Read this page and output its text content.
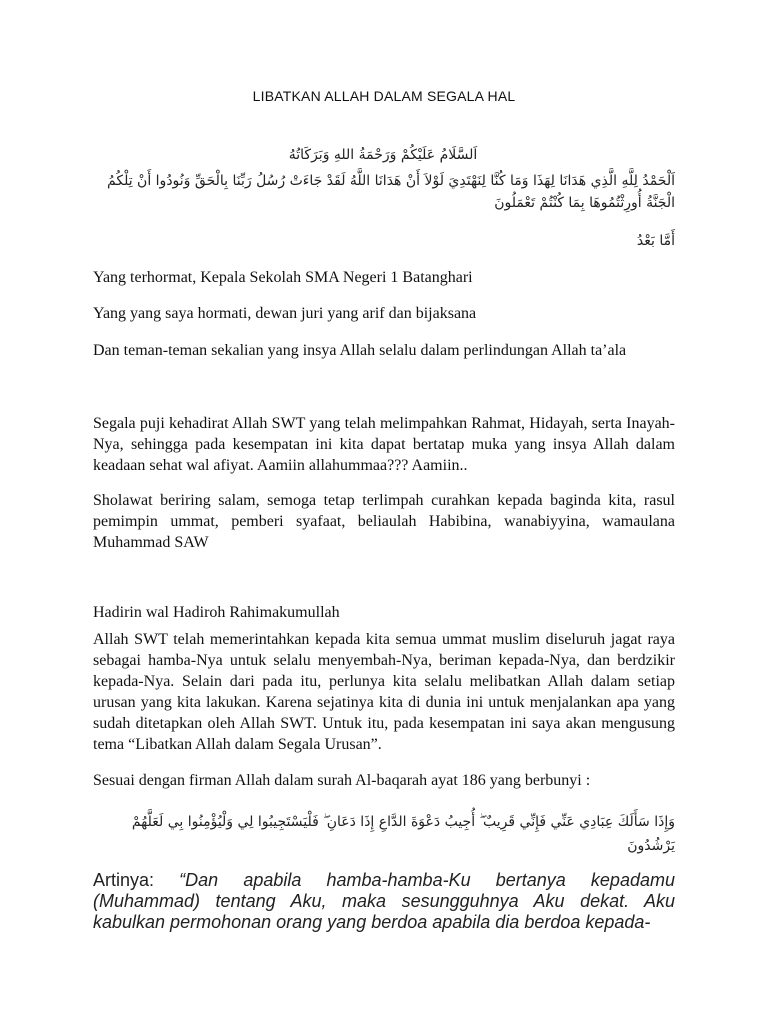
LIBATKAN ALLAH DALAM SEGALA HAL
اَلسَّلَامُ عَلَيْكُمْ وَرَحْمَةُ اللهِ وَبَرَكَاتُهُ
اَلْحَمْدُ لِلَّهِ الَّذِي هَدَانَا لِهَذَا وَمَا كُنَّا لِنَهْتَدِيَ لَوْلاَ أَنْ هَدَانَا اللَّهُ لَقَدْ جَاءَتْ رُسُلُ رَبِّنَا بِالْحَقِّ وَنُودُوا أَنْ تِلْكُمُ الْجَنَّةُ أُورِثْتُمُوهَا بِمَا كُنْتُمْ تَعْمَلُونَ
أَمَّا بَعْدُ
Yang terhormat, Kepala Sekolah SMA Negeri 1 Batanghari
Yang yang saya hormati, dewan juri yang arif dan bijaksana
Dan teman-teman sekalian yang insya Allah selalu dalam perlindungan Allah ta’ala
Segala puji kehadirat Allah SWT yang telah melimpahkan Rahmat, Hidayah, serta Inayah-Nya, sehingga pada kesempatan ini kita dapat bertatap muka yang insya Allah dalam keadaan sehat wal afiyat. Aamiin allahummaa??? Aamiin..
Sholawat beriring salam, semoga tetap terlimpah curahkan kepada baginda kita, rasul pemimpin ummat, pemberi syafaat, beliaulah Habibina, wanabiyyina, wamaulana Muhammad SAW
Hadirin wal Hadiroh Rahimakumullah
Allah SWT telah memerintahkan kepada kita semua ummat muslim diseluruh jagat raya sebagai hamba-Nya untuk selalu menyembah-Nya, beriman kepada-Nya, dan berdzikir kepada-Nya. Selain dari pada itu, perlunya kita selalu melibatkan Allah dalam setiap urusan yang kita lakukan. Karena sejatinya kita di dunia ini untuk menjalankan apa yang sudah ditetapkan oleh Allah SWT. Untuk itu, pada kesempatan ini saya akan mengusung tema “Libatkan Allah dalam Segala Urusan”.
Sesuai dengan firman Allah dalam surah Al-baqarah ayat 186 yang berbunyi :
وَإِذَا سَأَلَكَ عِبَادِي عَنِّي فَإِنِّي قَرِيبٌ ۖ أُجِيبُ دَعْوَةَ الدَّاعِ إِذَا دَعَانِ ۖ فَلْيَسْتَجِيبُوا لِي وَلْيُؤْمِنُوا بِي لَعَلَّهُمْ يَرْشُدُونَ
Artinya: “Dan apabila hamba-hamba-Ku bertanya kepadamu (Muhammad) tentang Aku, maka sesungguhnya Aku dekat. Aku kabulkan permohonan orang yang berdoa apabila dia berdoa kepada-
